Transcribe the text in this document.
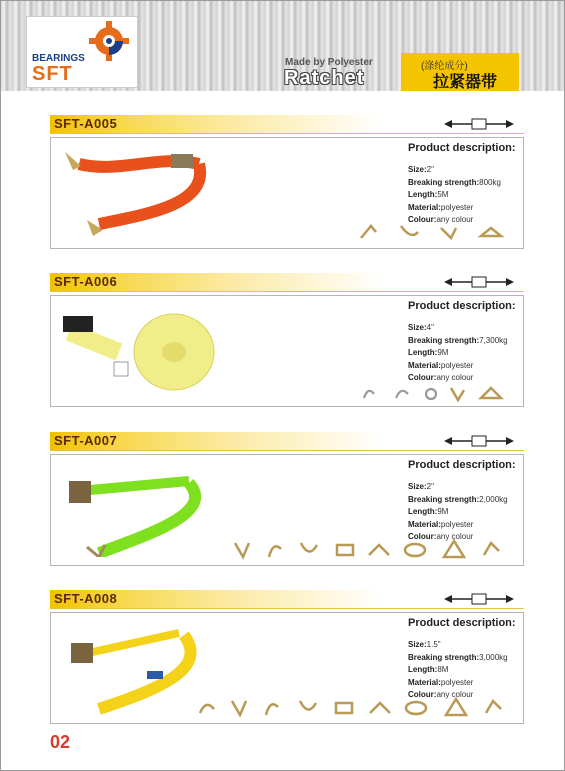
BEARINGS
SFT
Made by Polyester
Ratchet
(涤纶成分)
拉紧器带
SFT-A005
Product description:
Size:2"
Breaking strength:800kg
Length:5M
Material:polyester
Colour:any colour
SFT-A006
Product description:
Size:4"
Breaking strength:7,300kg
Length:9M
Material:polyester
Colour:any colour
SFT-A007
Product description:
Size:2"
Breaking strength:2,000kg
Length:9M
Material:polyester
Colour:any colour
SFT-A008
Product description:
Size:1.5"
Breaking strength:3,000kg
Length:8M
Material:polyester
Colour:any colour
02
